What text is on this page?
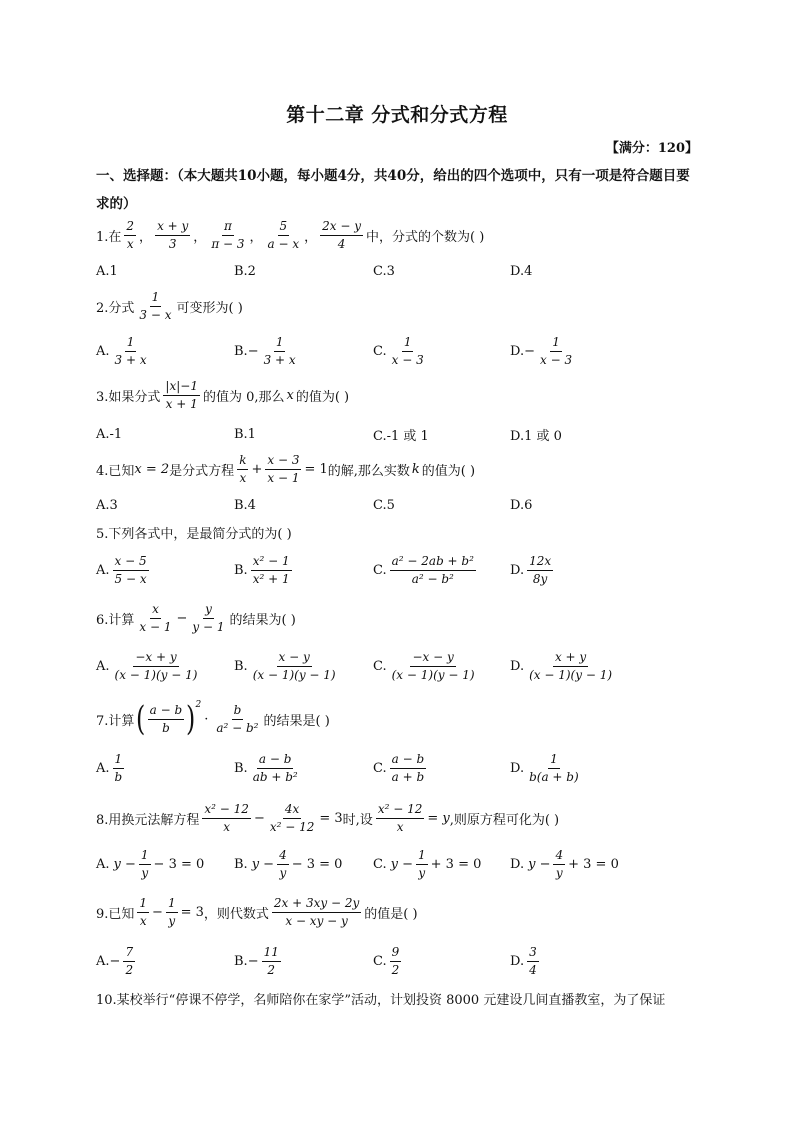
第十二章 分式和分式方程
【满分：120】
一、选择题：（本大题共10小题，每小题4分，共40分，给出的四个选项中，只有一项是符合题目要求的）
1.在 $\frac{2}{x}$ ， $\frac{x + y}{3}$ ， $\frac{\pi}{\pi - 3}$ ， $\frac{5}{a - x}$ ， $\frac{2x - y}{4}$ 中，分式的个数为( )
A.1	B.2	C.3	D.4
2.分式 $\frac{1}{3 - x}$ 可变形为( )
A. $\frac{1}{3 + x}$	B. − $\frac{1}{3 + x}$	C. $\frac{1}{x - 3}$	D. − $\frac{1}{x - 3}$
3.如果分式 $\frac{|x|-1}{x + 1}$ 的值为 0,那么 x 的值为( )
A.-1	B.1	C.-1 或 1	D.1 或 0
4.已知 x = 2 是分式方程 $\frac{k}{x} + \frac{x - 3}{x - 1} = 1$ 的解,那么实数 k 的值为( )
A.3	B.4	C.5	D.6
5.下列各式中，是最简分式的为( )
A. $\frac{x - 5}{5 - x}$	B. $\frac{\text{x² − 1}}{\text{x² + 1}}$	C. $\frac{\text{a² − 2ab + b²}}{\text{a² − b²}}$	D. $\frac{12x}{8y}$
6.计算 $\frac{x}{x - 1} - \frac{y}{y - 1}$ 的结果为( )
A. $\frac{-x + y}{(x - 1)(y - 1)}$	B. $\frac{x - y}{(x - 1)(y - 1)}$	C. $\frac{-x - y}{(x - 1)(y - 1)}$	D. $\frac{x + y}{(x - 1)(y - 1)}$
7.计算 ( $\frac{a - b}{b}$ ) 2
· $\frac{b}{\text{a² − b²}}$ 的结果是( )
A. $\frac{1}{b}$	B. $\frac{a - b}{\text{ab + b²}}$	C. $\frac{a - b}{a + b}$	D. $\frac{1}{b(a + b)}$
8.用换元法解方程 $\frac{\text{x² − 12}}{x} - \frac{4x}{\text{x² − 12}} = 3$ 时,设 $\frac{\text{x² − 12}}{x} = y$ ,则原方程可化为( )
A. $y - \frac{1}{y} - 3 = 0$ B. $y - \frac{4}{y} - 3 = 0$ C. $y - \frac{1}{y} + 3 = 0$ D. $y - \frac{4}{y} + 3 = 0$
9.已知 $\frac{1}{x} - \frac{1}{y} = 3$ ，则代数式 $\frac{2x + 3xy - 2y}{x - xy - y}$ 的值是( )
A. − $\frac{7}{2}$	B. − $\frac{11}{2}$	C. $\frac{9}{2}$	D. $\frac{3}{4}$
10.某校举行“停课不停学，名师陪你在家学”活动，计划投资 8000 元建设几间直播教室，为了保证
